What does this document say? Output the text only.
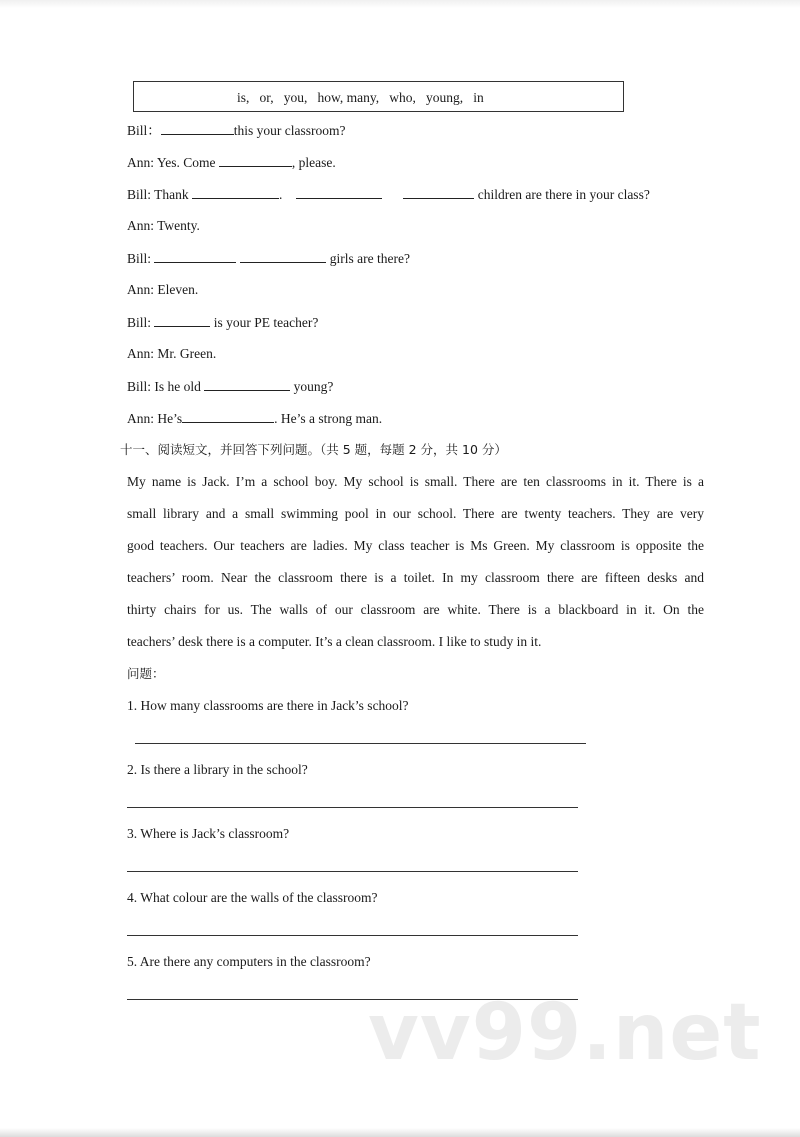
is,   or,   you,   how, many,   who,   young,   in
Bill：	this your classroom?
Ann: Yes. Come	, please.
Bill: Thank	.	children are there in your class?
Ann: Twenty.
Bill:	girls are there?
Ann: Eleven.
Bill:	is your PE teacher?
Ann: Mr. Green.
Bill: Is he old	young?
Ann: He’s	. He’s a strong man.
十一、阅读短文，并回答下列问题。（共 5 题，每题 2 分，共 10 分）
My name is Jack. I’m a school boy. My school is small. There are ten classrooms in it. There is a
small library and a small swimming pool in our school. There are twenty teachers. They are very
good teachers. Our teachers are ladies. My class teacher is Ms Green. My classroom is opposite the
teachers’ room. Near the classroom there is a toilet. In my classroom there are fifteen desks and
thirty chairs for us. The walls of our classroom are white. There is a blackboard in it. On the
teachers’ desk there is a computer. It’s a clean classroom. I like to study in it.
问题：
1. How many classrooms are there in Jack’s school?
2. Is there a library in the school?
3. Where is Jack’s classroom?
4. What colour are the walls of the classroom?
5. Are there any computers in the classroom?
vv99.net
